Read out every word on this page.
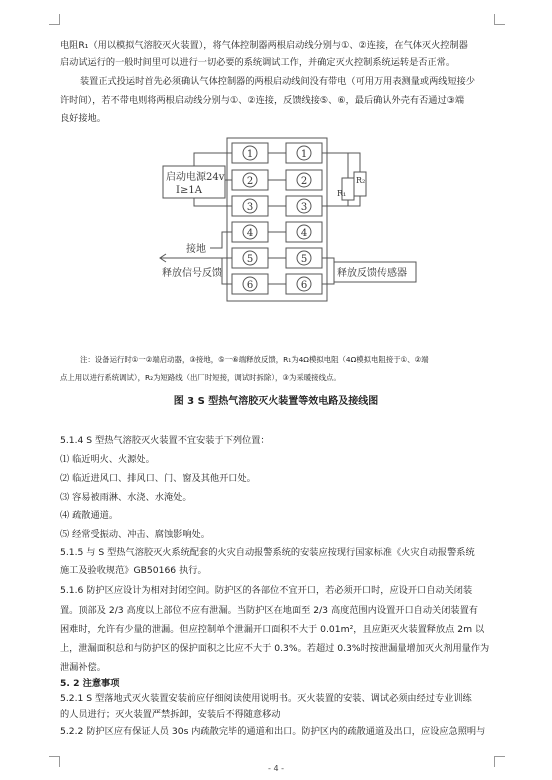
电阻R₁（用以模拟气溶胶灭火装置），将气体控制器两根启动线分别与①、②连接，在气体灭火控制器
启动试运行的一般时间里可以进行一切必要的系统调试工作，并确定灭火控制系统运转是否正常。
装置正式投运时首先必须确认气体控制器的两根启动线间没有带电（可用万用表测量或两线短接少
许时间），若不带电则将两根启动线分别与①、②连接，反馈线接⑤、⑥，最后确认外壳有否通过③端
良好接地。
1
2
3
4
5
6
1
2
3
4
5
6
启动电源24v
I≥1A
接地
释放信号反馈	释放反馈传感器
R₁
R₂
注：设备运行时①一②端启动器，③接地，⑤一⑥端释放反馈，R₁为4Ω模拟电阻（4Ω模拟电阻接于①、②端
点上用以进行系统调试），R₂为短路线（出厂时短接，调试时拆除），③为采暖接线点。
图 3 S 型热气溶胶灭火装置等效电路及接线图
5.1.4 S 型热气溶胶灭火装置不宜安装于下列位置：
⑴ 临近明火、火源处。
⑵ 临近进风口、排风口、门、窗及其他开口处。
⑶ 容易被雨淋、水浇、水淹处。
⑷ 疏散通道。
⑸ 经常受振动、冲击、腐蚀影响处。
5.1.5 与 S 型热气溶胶灭火系统配套的火灾自动报警系统的安装应按现行国家标准《火灾自动报警系统
施工及验收规范》GB50166 执行。
5.1.6 防护区应设计为相对封闭空间。防护区的各部位不宜开口，若必须开口时，应设开口自动关闭装
置。顶部及 2/3 高度以上部位不应有泄漏。当防护区在地面至 2/3 高度范围内设置开口自动关闭装置有
困难时，允许有少量的泄漏。但应控制单个泄漏开口面积不大于 0.01m²，且应距灭火装置释放点 2m 以
上，泄漏面积总和与防护区的保护面积之比应不大于 0.3%。若超过 0.3%时按泄漏量增加灭火剂用量作为
泄漏补偿。
5. 2 注意事项
5.2.1 S 型落地式灭火装置安装前应仔细阅读使用说明书。灭火装置的安装、调试必须由经过专业训练
的人员进行；灭火装置严禁拆卸，安装后不得随意移动
5.2.2 防护区应有保证人员 30s 内疏散完毕的通道和出口。防护区内的疏散通道及出口，应设应急照明与
- 4 -
